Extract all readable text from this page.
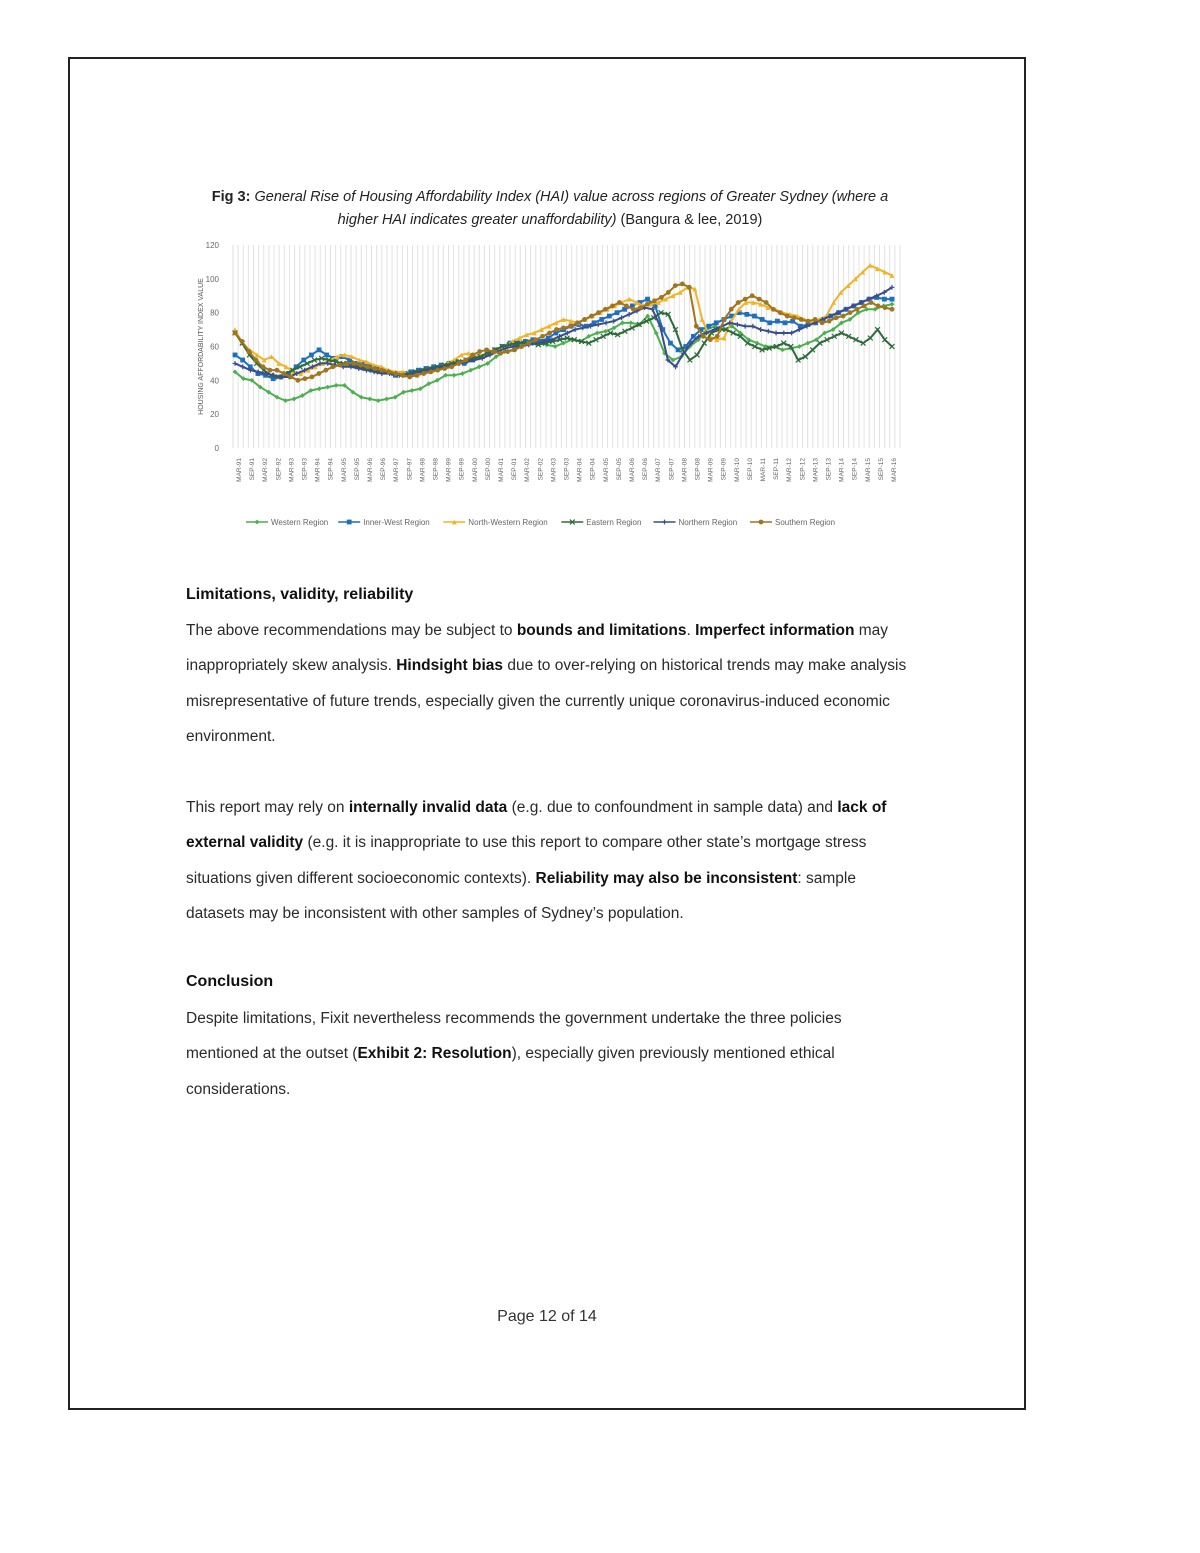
Fig 3: General Rise of Housing Affordability Index (HAI) value across regions of Greater Sydney (where a higher HAI indicates greater unaffordability) (Bangura & lee, 2019)
0
20
40
60
80
100
120
HOUSING AFFORDABILITY INDEX VALUE
MAR-91 SEP-91 MAR-92 SEP-92 MAR-93 SEP-93 MAR-94 SEP-94 MAR-95 SEP-95 MAR-96 SEP-96 MAR-97 SEP-97 MAR-98 SEP-98 MAR-99 SEP-99 MAR-00 SEP-00 MAR-01 SEP-01 MAR-02 SEP-02 MAR-03 SEP-03 MAR-04 SEP-04 MAR-05 SEP-05 MAR-06 SEP-06 MAR-07 SEP-07 MAR-08 SEP-08 MAR-09 SEP-09 MAR-10 SEP-10 MAR-11 SEP-11 MAR-12 SEP-12 MAR-13 SEP-13 MAR-14 SEP-14 MAR-15 SEP-15 MAR-16
Western Region	Inner-West Region	North-Western Region	Eastern Region	Northern Region	Southern Region
Limitations, validity, reliability
The above recommendations may be subject to bounds and limitations. Imperfect information may inappropriately skew analysis. Hindsight bias due to over-relying on historical trends may make analysis misrepresentative of future trends, especially given the currently unique coronavirus-induced economic environment.
This report may rely on internally invalid data (e.g. due to confoundment in sample data) and lack of external validity (e.g. it is inappropriate to use this report to compare other state’s mortgage stress situations given different socioeconomic contexts). Reliability may also be inconsistent: sample datasets may be inconsistent with other samples of Sydney’s population.
Conclusion
Despite limitations, Fixit nevertheless recommends the government undertake the three policies mentioned at the outset (Exhibit 2: Resolution), especially given previously mentioned ethical considerations.
Page 12 of 14
